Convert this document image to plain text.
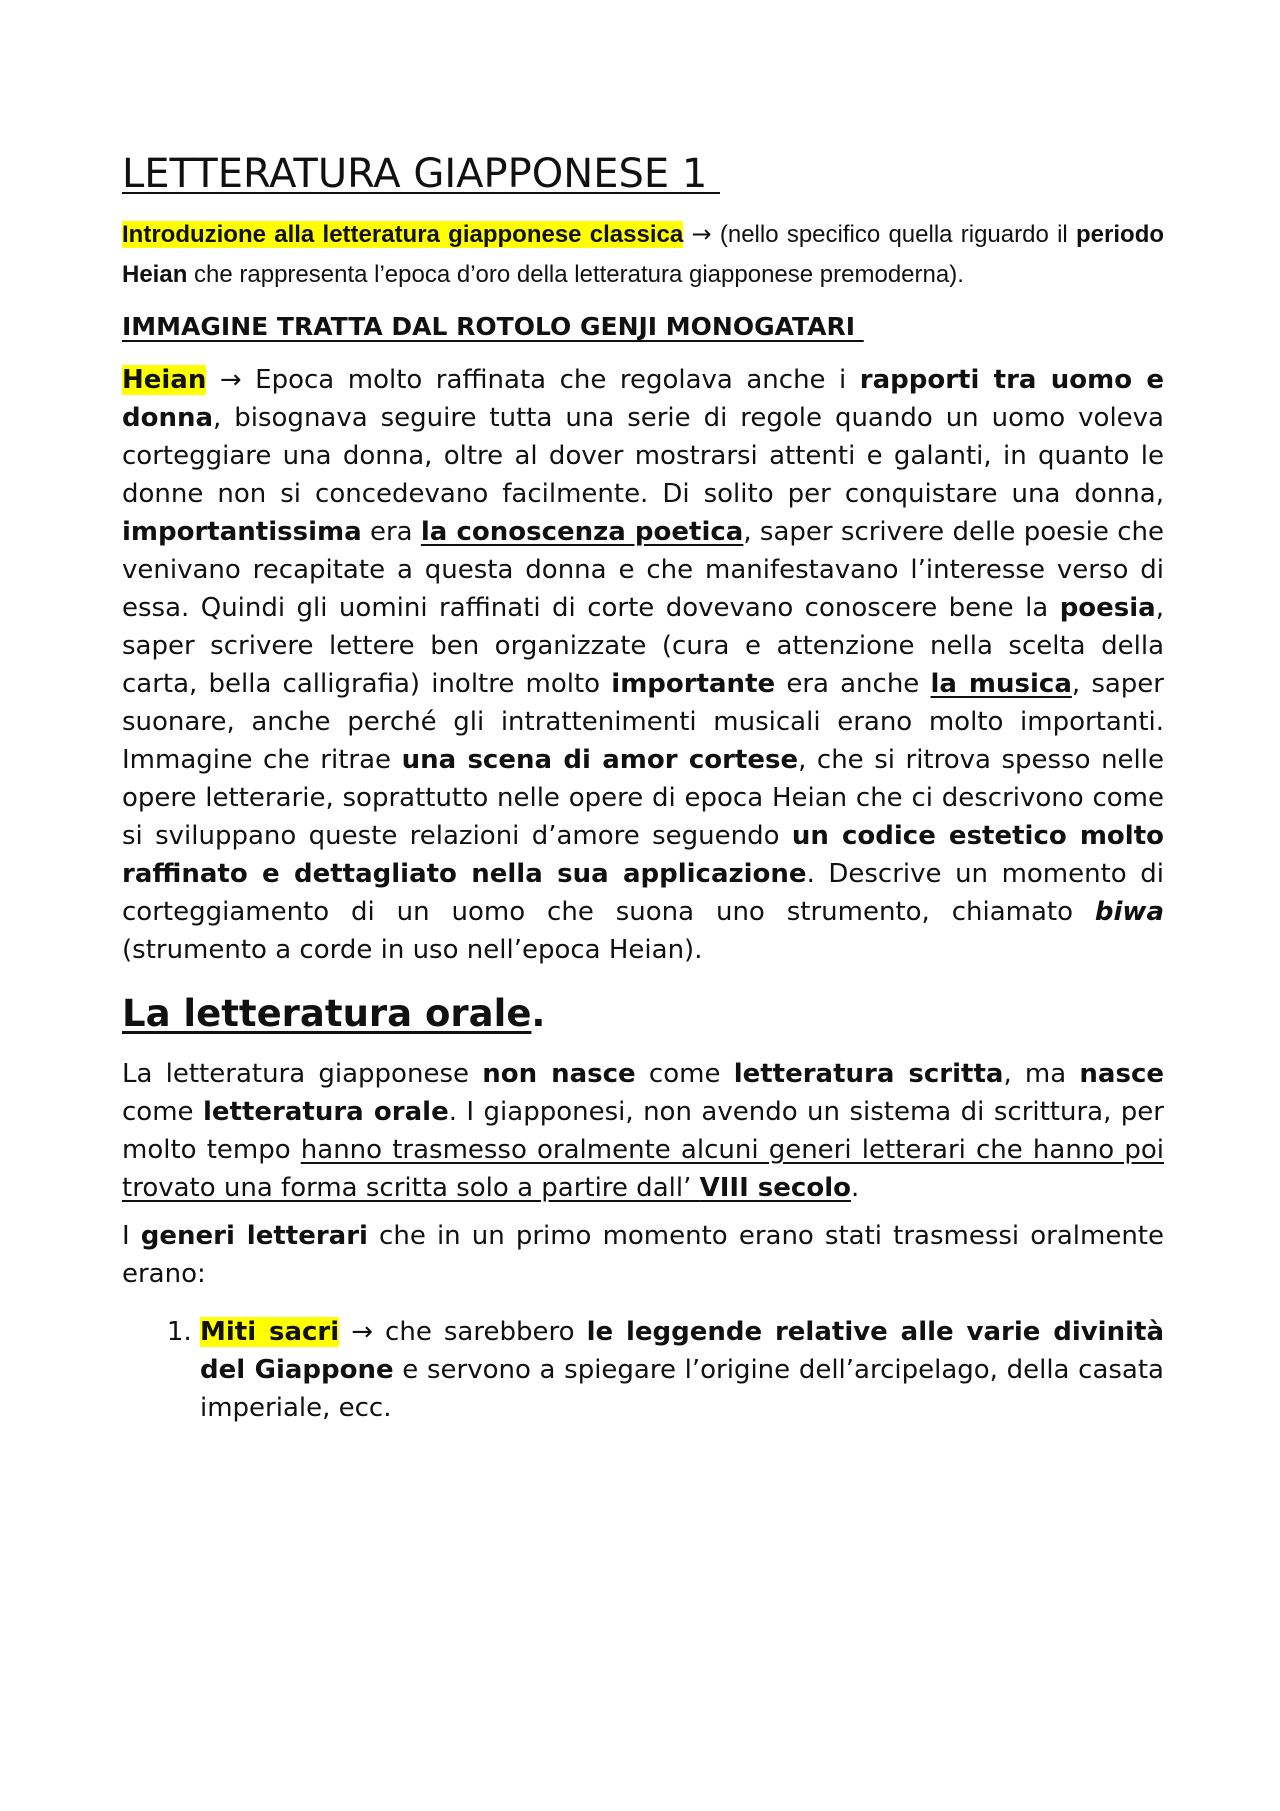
LETTERATURA GIAPPONESE 1

Introduzione alla letteratura giapponese classica → (nello specifico quella riguardo il periodo Heian che rappresenta l’epoca d’oro della letteratura giapponese premoderna).

IMMAGINE TRATTA DAL ROTOLO GENJI MONOGATARI

Heian → Epoca molto raffinata che regolava anche i rapporti tra uomo e donna, bisognava seguire tutta una serie di regole quando un uomo voleva corteggiare una donna, oltre al dover mostrarsi attenti e galanti, in quanto le donne non si concedevano facilmente. Di solito per conquistare una donna, importantissima era la conoscenza poetica, saper scrivere delle poesie che venivano recapitate a questa donna e che manifestavano l’interesse verso di essa. Quindi gli uomini raffinati di corte dovevano conoscere bene la poesia, saper scrivere lettere ben organizzate (cura e attenzione nella scelta della carta, bella calligrafia) inoltre molto importante era anche la musica, saper suonare, anche perché gli intrattenimenti musicali erano molto importanti. Immagine che ritrae una scena di amor cortese, che si ritrova spesso nelle opere letterarie, soprattutto nelle opere di epoca Heian che ci descrivono come si sviluppano queste relazioni d’amore seguendo un codice estetico molto raffinato e dettagliato nella sua applicazione. Descrive un momento di corteggiamento di un uomo che suona uno strumento, chiamato biwa (strumento a corde in uso nell’epoca Heian).

La letteratura orale.

La letteratura giapponese non nasce come letteratura scritta, ma nasce come letteratura orale. I giapponesi, non avendo un sistema di scrittura, per molto tempo hanno trasmesso oralmente alcuni generi letterari che hanno poi trovato una forma scritta solo a partire dall’ VIII secolo.

I generi letterari che in un primo momento erano stati trasmessi oralmente erano:

1. Miti sacri → che sarebbero le leggende relative alle varie divinità del Giappone e servono a spiegare l’origine dell’arcipelago, della casata imperiale, ecc.
